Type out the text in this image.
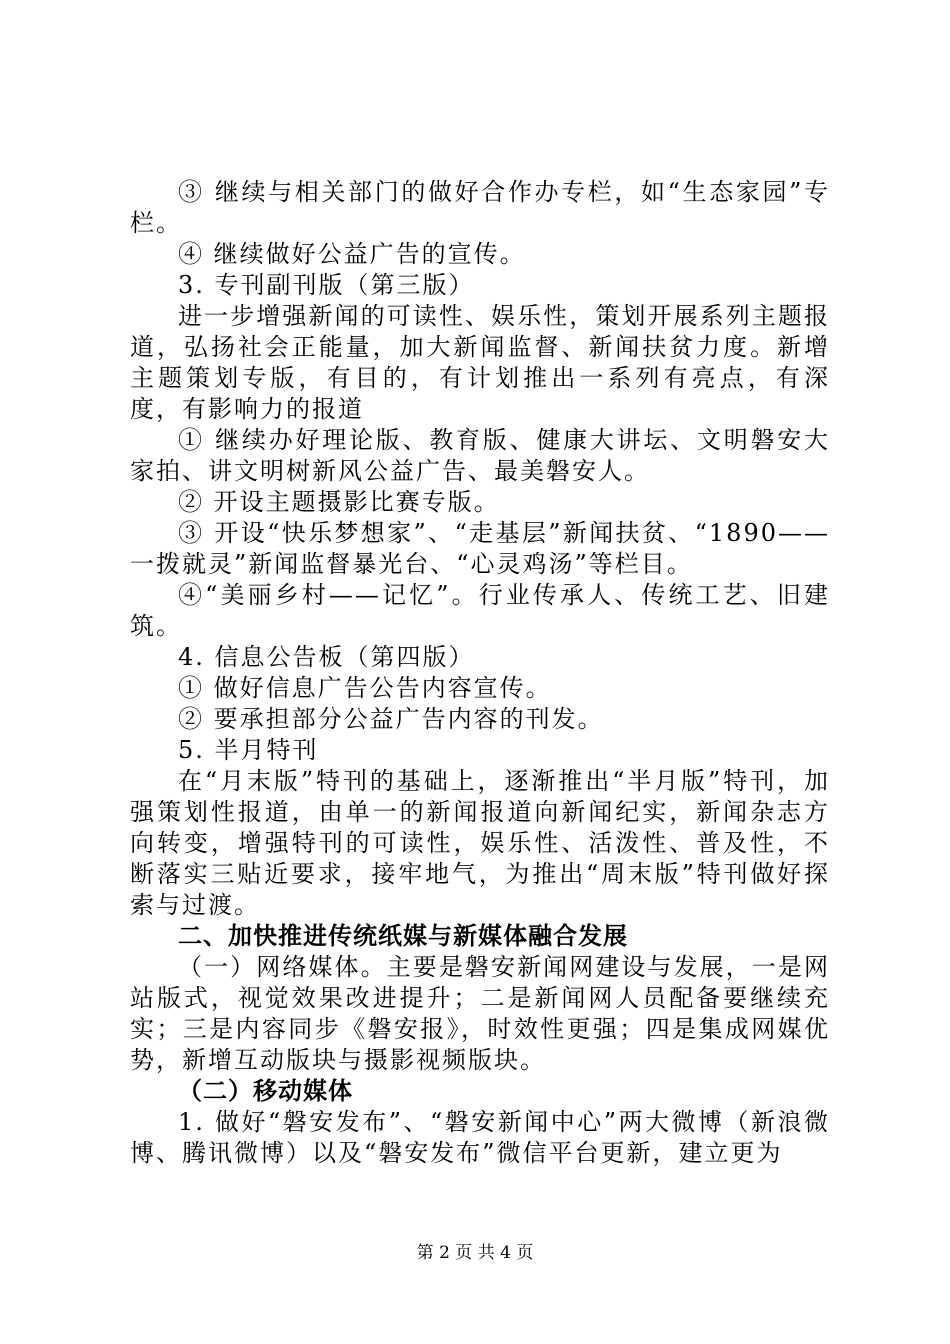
③ 继续与相关部门的做好合作办专栏，如“生态家园”专栏。

④ 继续做好公益广告的宣传。

3. 专刊副刊版（第三版）

进一步增强新闻的可读性、娱乐性，策划开展系列主题报道，弘扬社会正能量，加大新闻监督、新闻扶贫力度。新增主题策划专版，有目的，有计划推出一系列有亮点，有深度，有影响力的报道

① 继续办好理论版、教育版、健康大讲坛、文明磐安大家拍、讲文明树新风公益广告、最美磐安人。

② 开设主题摄影比赛专版。

③ 开设“快乐梦想家”、“走基层”新闻扶贫、“1890——一拨就灵”新闻监督暴光台、“心灵鸡汤”等栏目。

④“美丽乡村——记忆”。行业传承人、传统工艺、旧建筑。

4. 信息公告板（第四版）

① 做好信息广告公告内容宣传。

② 要承担部分公益广告内容的刊发。

5. 半月特刊

在“月末版”特刊的基础上，逐渐推出“半月版”特刊，加强策划性报道，由单一的新闻报道向新闻纪实，新闻杂志方向转变，增强特刊的可读性，娱乐性、活泼性、普及性，不断落实三贴近要求，接牢地气，为推出“周末版”特刊做好探索与过渡。

二、加快推进传统纸媒与新媒体融合发展

（一）网络媒体。主要是磐安新闻网建设与发展，一是网站版式，视觉效果改进提升；二是新闻网人员配备要继续充实；三是内容同步《磐安报》，时效性更强；四是集成网媒优势，新增互动版块与摄影视频版块。

（二）移动媒体

1. 做好“磐安发布”、“磐安新闻中心”两大微博（新浪微博、腾讯微博）以及“磐安发布”微信平台更新，建立更为

第 2 页 共 4 页
